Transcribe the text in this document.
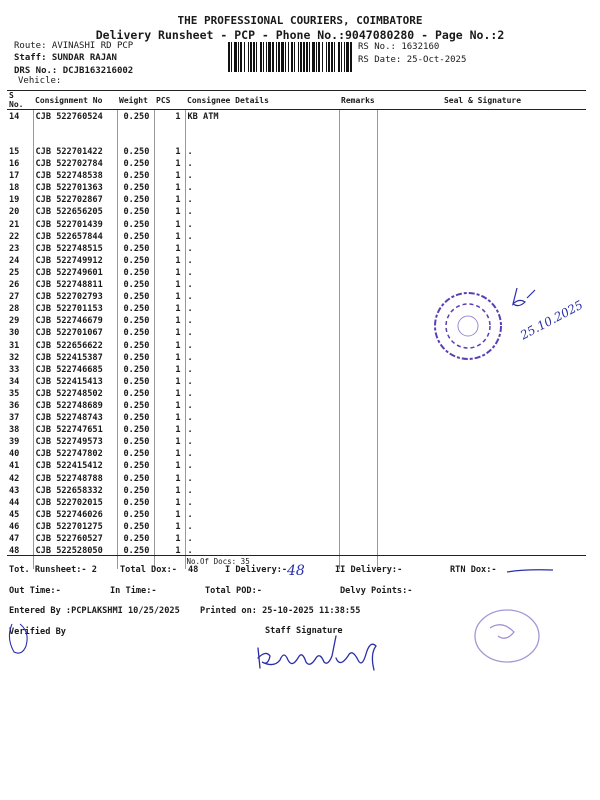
THE PROFESSIONAL COURIERS, COIMBATORE
Delivery Runsheet - PCP - Phone No.:9047080280 - Page No.:2
Route: AVINASHI RD PCP
Staff: SUNDAR RAJAN
DRS No.: DCJB163216002
Vehicle:
RS No.: 1632160
RS Date: 25-Oct-2025
S No.	Consignment No	Weight	PCS	Consignee Details	Remarks	Seal & Signature
14	CJB 522760524	0.250	1	KB ATM		

15	CJB 522701422	0.250	1	.		
16	CJB 522702784	0.250	1	.		
17	CJB 522748538	0.250	1	.		
18	CJB 522701363	0.250	1	.		
19	CJB 522702867	0.250	1	.		
20	CJB 522656205	0.250	1	.		
21	CJB 522701439	0.250	1	.		
22	CJB 522657844	0.250	1	.		
23	CJB 522748515	0.250	1	.		
24	CJB 522749912	0.250	1	.		
25	CJB 522749601	0.250	1	.		
26	CJB 522748811	0.250	1	.		
27	CJB 522702793	0.250	1	.		
28	CJB 522701153	0.250	1	.		
29	CJB 522746679	0.250	1	.		
30	CJB 522701067	0.250	1	.		
31	CJB 522656622	0.250	1	.		
32	CJB 522415387	0.250	1	.		
33	CJB 522746685	0.250	1	.		
34	CJB 522415413	0.250	1	.		
35	CJB 522748502	0.250	1	.		
36	CJB 522748689	0.250	1	.		
37	CJB 522748743	0.250	1	.		
38	CJB 522747651	0.250	1	.		
39	CJB 522749573	0.250	1	.		
40	CJB 522747802	0.250	1	.		
41	CJB 522415412	0.250	1	.		
42	CJB 522748788	0.250	1	.		
43	CJB 522658332	0.250	1	.		
44	CJB 522702015	0.250	1	.		
45	CJB 522746026	0.250	1	.		
46	CJB 522701275	0.250	1	.		
47	CJB 522760527	0.250	1	.		
48	CJB 522528050	0.250	1	.		
				No.Of Docs: 35		
Tot. Runsheet:- 2	Total Dox:- 48	I Delivery:- 48	II Delivery:-	RTN Dox:-
Out Time:-	In Time:-	Total POD:-	Delvy Points:-
Entered By :PCPLAKSHMI 10/25/2025 Printed on: 25-10-2025 11:38:55
Verified By	Staff Signature
25.10.2025
